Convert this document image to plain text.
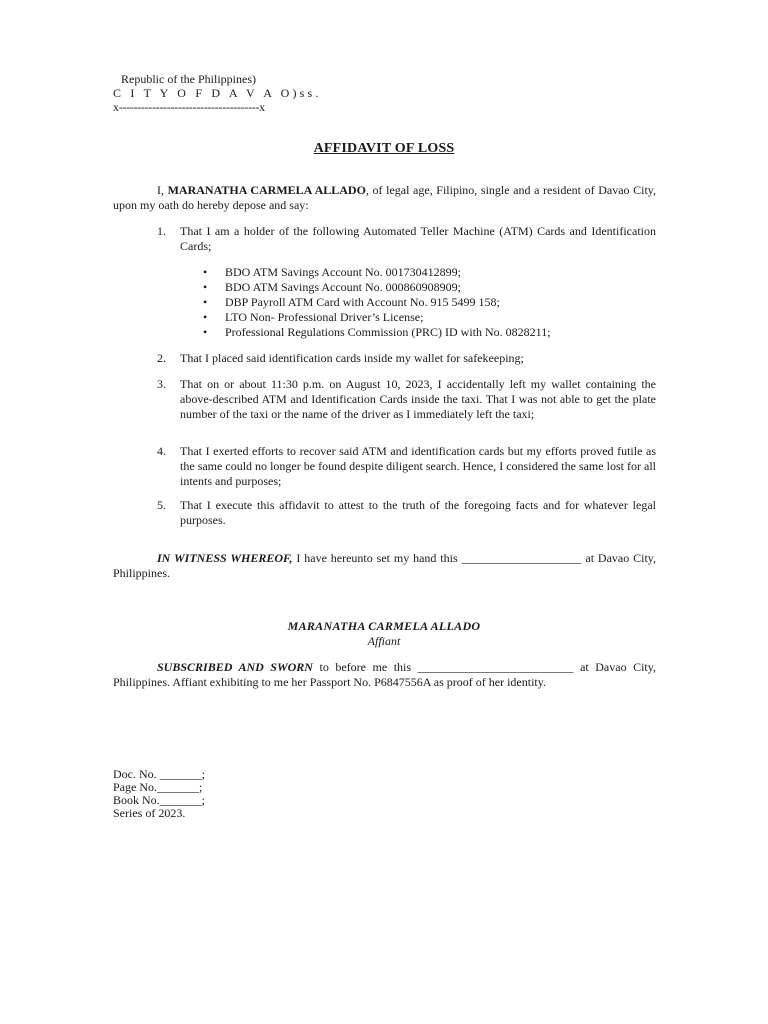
Republic of the Philippines)
C I T Y O F D A V A O)ss.
x--------------------------------------x
AFFIDAVIT OF LOSS
I, MARANATHA CARMELA ALLADO, of legal age, Filipino, single and a resident of Davao City, upon my oath do hereby depose and say:
1. That I am a holder of the following Automated Teller Machine (ATM) Cards and Identification Cards;
• BDO ATM Savings Account No. 001730412899;
• BDO ATM Savings Account No. 000860908909;
• DBP Payroll ATM Card with Account No. 915 5499 158;
• LTO Non- Professional Driver’s License;
• Professional Regulations Commission (PRC) ID with No. 0828211;
2. That I placed said identification cards inside my wallet for safekeeping;
3. That on or about 11:30 p.m. on August 10, 2023, I accidentally left my wallet containing the above-described ATM and Identification Cards inside the taxi. That I was not able to get the plate number of the taxi or the name of the driver as I immediately left the taxi;
4. That I exerted efforts to recover said ATM and identification cards but my efforts proved futile as the same could no longer be found despite diligent search. Hence, I considered the same lost for all intents and purposes;
5. That I execute this affidavit to attest to the truth of the foregoing facts and for whatever legal purposes.
IN WITNESS WHEREOF, I have hereunto set my hand this ____________________ at Davao City, Philippines.
MARANATHA CARMELA ALLADO
Affiant
SUBSCRIBED AND SWORN to before me this __________________________ at Davao City, Philippines. Affiant exhibiting to me her Passport No. P6847556A as proof of her identity.
Doc. No. _______;
Page No._______;
Book No._______;
Series of 2023.
